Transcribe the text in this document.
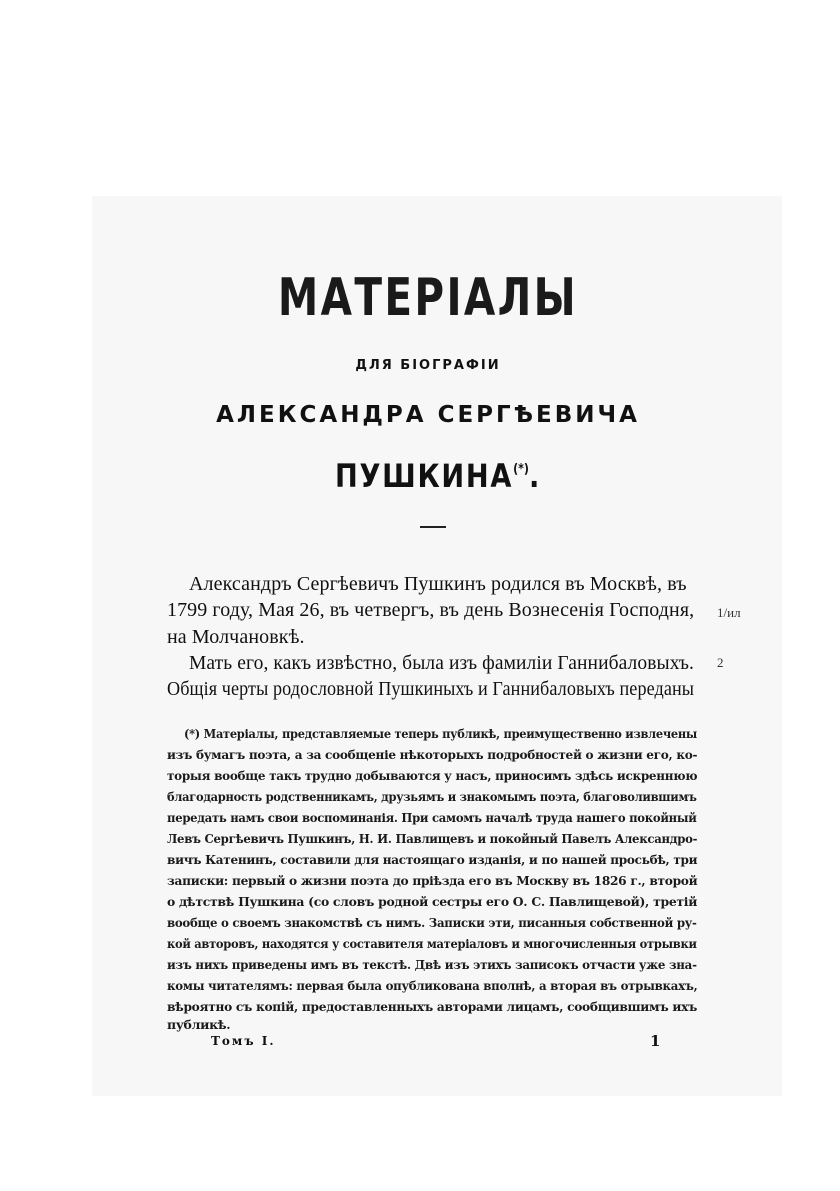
МАТЕРІАЛЫ
ДЛЯ БІОГРАФІИ
АЛЕКСАНДРА СЕРГѢЕВИЧА
ПУШКИНА(*).
Александръ Сергѣевичъ Пушкинъ родился въ Москвѣ, въ
1799 году, Мая 26, въ четвергъ, въ день Вознесенія Господня,
на Молчановкѣ.
Мать его, какъ извѣстно, была изъ фамиліи Ганнибаловыхъ.
Общія черты родословной Пушкиныхъ и Ганнибаловыхъ переданы
1/ил
2
(*) Матеріалы, представляемые теперь публикѣ, преимущественно извлечены
изъ бумагъ поэта, а за сообщеніе нѣкоторыхъ подробностей о жизни его, ко-
торыя вообще такъ трудно добываются у насъ, приносимъ здѣсь искреннюю
благодарность родственникамъ, друзьямъ и знакомымъ поэта, благоволившимъ
передать намъ свои воспоминанія. При самомъ началѣ труда нашего покойный
Левъ Сергѣевичъ Пушкинъ, Н. И. Павлищевъ и покойный Павелъ Александро-
вичъ Катенинъ, составили для настоящаго изданія, и по нашей просьбѣ, три
записки: первый о жизни поэта до пріѣзда его въ Москву въ 1826 г., второй
о дѣтствѣ Пушкина (со словъ родной сестры его О. С. Павлищевой), третій
вообще о своемъ знакомствѣ съ нимъ. Записки эти, писанныя собственной ру-
кой авторовъ, находятся у составителя матеріаловъ и многочисленныя отрывки
изъ нихъ приведены имъ въ текстѣ. Двѣ изъ этихъ записокъ отчасти уже зна-
комы читателямъ: первая была опубликована вполнѣ, а вторая въ отрывкахъ,
вѣроятно съ копій, предоставленныхъ авторами лицамъ, сообщившимъ ихъ
публикѣ.
Томъ I.	1
